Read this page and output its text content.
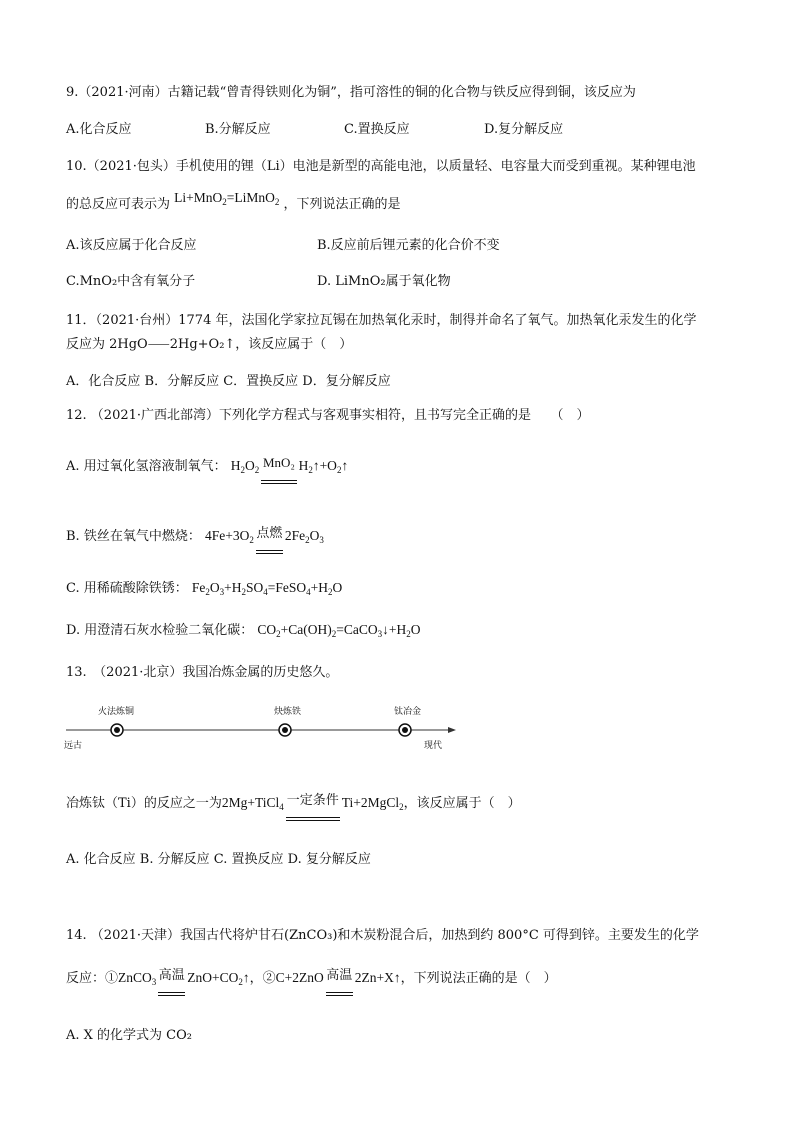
9.（2021·河南）古籍记载“曾青得铁则化为铜”，指可溶性的铜的化合物与铁反应得到铜，该反应为
A.化合反应	B.分解反应	C.置换反应	D.复分解反应
10.（2021·包头）手机使用的锂（Li）电池是新型的高能电池，以质量轻、电容量大而受到重视。某种锂电池
的总反应可表示为 Li+MnO$_2$=LiMnO$_2$ ，下列说法正确的是
A.该反应属于化合反应	B.反应前后锂元素的化合价不变
C.MnO₂中含有氧分子	D. LiMnO₂属于氧化物
11．（2021·台州）1774 年，法国化学家拉瓦锡在加热氧化汞时，制得并命名了氧气。加热氧化汞发生的化学
反应为 2HgO⸺2Hg+O₂↑，该反应属于（　）
A．化合反应 B．分解反应 C．置换反应 D．复分解反应
12. （2021·广西北部湾）下列化学方程式与客观事实相符，且书写完全正确的是　　（　）
A. 用过氧化氢溶液制氧气： $H_2O_2$ MnO₂ $H_2↑+O_2↑$
B. 铁丝在氧气中燃烧： $4Fe+3O_2$ 点燃 $2Fe_2O_3$
C. 用稀硫酸除铁锈： $Fe_2O_3+H_2SO_4=FeSO_4+H_2O$
D. 用澄清石灰水检验二氧化碳： $CO_2+Ca(OH)_2=CaCO_3↓+H_2O$
13.　（2021·北京）我国冶炼金属的历史悠久。
火法炼铜	炔炼铁	钛冶金
远古	现代
冶炼钛（Ti）的反应之一为2Mg+TiCl$_4$ 一定条件 Ti+2MgCl$_2$，该反应属于（　）
A. 化合反应 B. 分解反应 C. 置换反应 D. 复分解反应
14. （2021·天津）我国古代将炉甘石(ZnCO₃)和木炭粉混合后，加热到约 800°C 可得到锌。主要发生的化学
反应：①ZnCO$_3$ 高温 $ZnO+CO_2↑$，②C+2ZnO 高温 2Zn+X↑，下列说法正确的是（　）
A. X 的化学式为 CO₂
